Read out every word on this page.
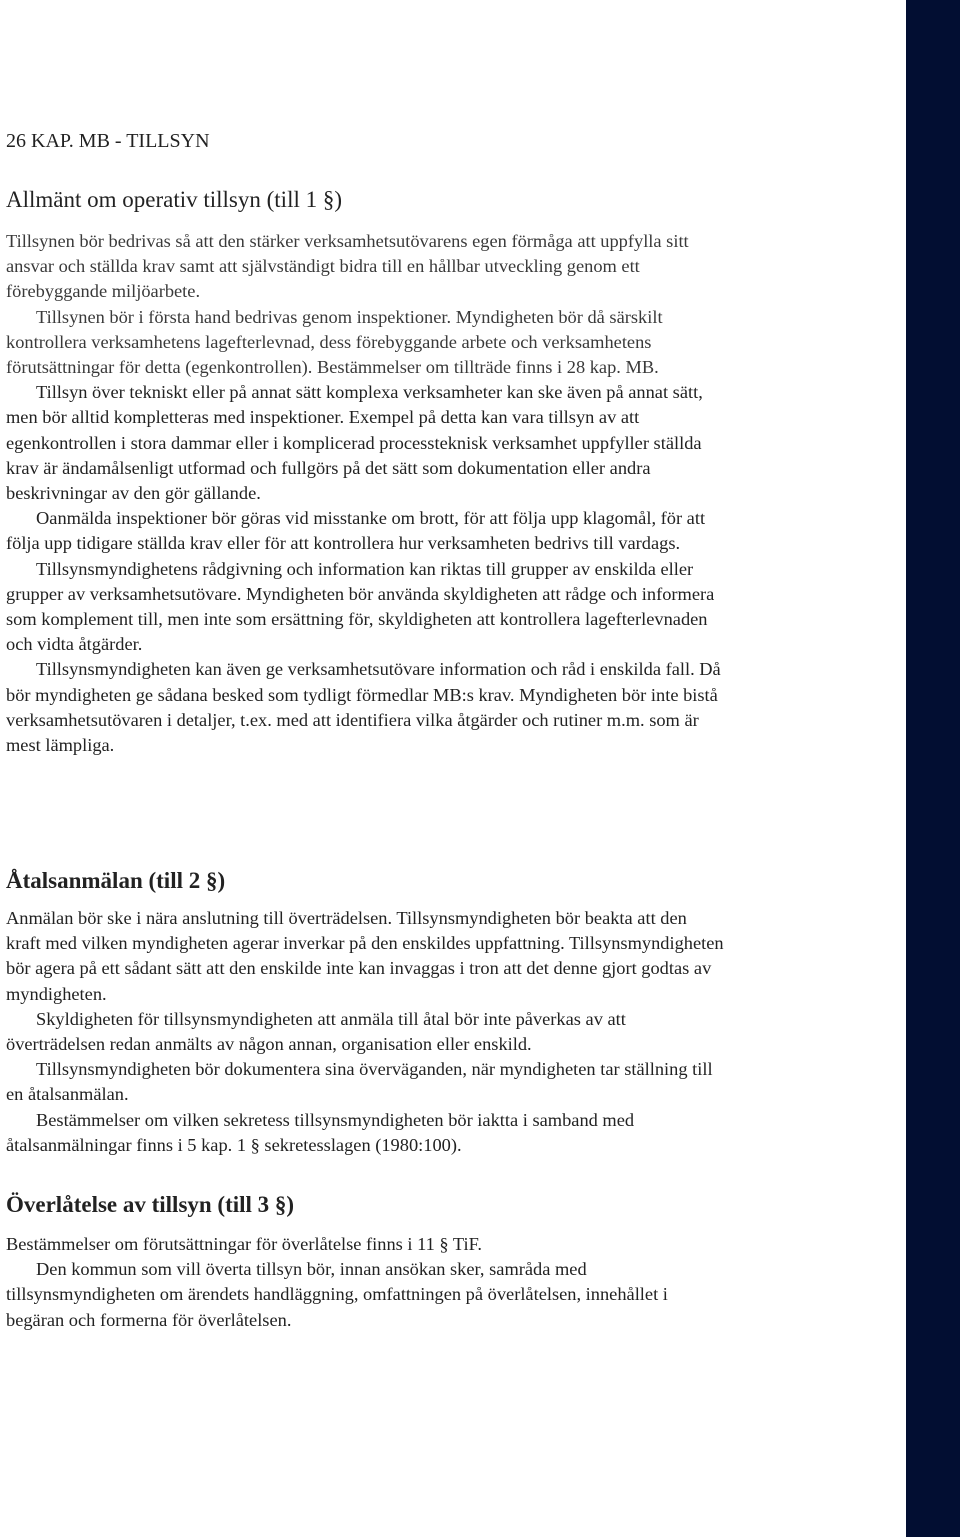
26 KAP. MB - TILLSYN
Allmänt om operativ tillsyn (till 1 §)

Tillsynen bör bedrivas så att den stärker verksamhetsutövarens egen förmåga att uppfylla sitt ansvar och ställda krav samt att självständigt bidra till en hållbar utveckling genom ett förebyggande miljöarbete.

Tillsynen bör i första hand bedrivas genom inspektioner. Myndigheten bör då särskilt kontrollera verksamhetens lagefterlevnad, dess förebyggande arbete och verksamhetens förutsättningar för detta (egenkontrollen). Bestämmelser om tillträde finns i 28 kap. MB.

Tillsyn över tekniskt eller på annat sätt komplexa verksamheter kan ske även på annat sätt, men bör alltid kompletteras med inspektioner. Exempel på detta kan vara tillsyn av att egenkontrollen i stora dammar eller i komplicerad processteknisk verksamhet uppfyller ställda krav är ändamålsenligt utformad och fullgörs på det sätt som dokumentation eller andra beskrivningar av den gör gällande.

Oanmälda inspektioner bör göras vid misstanke om brott, för att följa upp klagomål, för att följa upp tidigare ställda krav eller för att kontrollera hur verksamheten bedrivs till vardags.

Tillsynsmyndighetens rådgivning och information kan riktas till grupper av enskilda eller grupper av verksamhetsutövare. Myndigheten bör använda skyldigheten att rådge och informera som komplement till, men inte som ersättning för, skyldigheten att kontrollera lagefterlevnaden och vidta åtgärder.

Tillsynsmyndigheten kan även ge verksamhetsutövare information och råd i enskilda fall. Då bör myndigheten ge sådana besked som tydligt förmedlar MB:s krav. Myndigheten bör inte bistå verksamhetsutövaren i detaljer, t.ex. med att identifiera vilka åtgärder och rutiner m.m. som är mest lämpliga.

Åtalsanmälan (till 2 §)

Anmälan bör ske i nära anslutning till överträdelsen. Tillsynsmyndigheten bör beakta att den kraft med vilken myndigheten agerar inverkar på den enskildes uppfattning. Tillsynsmyndigheten bör agera på ett sådant sätt att den enskilde inte kan invaggas i tron att det denne gjort godtas av myndigheten.

Skyldigheten för tillsynsmyndigheten att anmäla till åtal bör inte påverkas av att överträdelsen redan anmälts av någon annan, organisation eller enskild.

Tillsynsmyndigheten bör dokumentera sina överväganden, när myndigheten tar ställning till en åtalsanmälan.

Bestämmelser om vilken sekretess tillsynsmyndigheten bör iaktta i samband med åtalsanmälningar finns i 5 kap. 1 § sekretesslagen (1980:100).

Överlåtelse av tillsyn (till 3 §)

Bestämmelser om förutsättningar för överlåtelse finns i 11 § TiF.

Den kommun som vill överta tillsyn bör, innan ansökan sker, samråda med tillsynsmyndigheten om ärendets handläggning, omfattningen på överlåtelsen, innehållet i begäran och formerna för överlåtelsen.
